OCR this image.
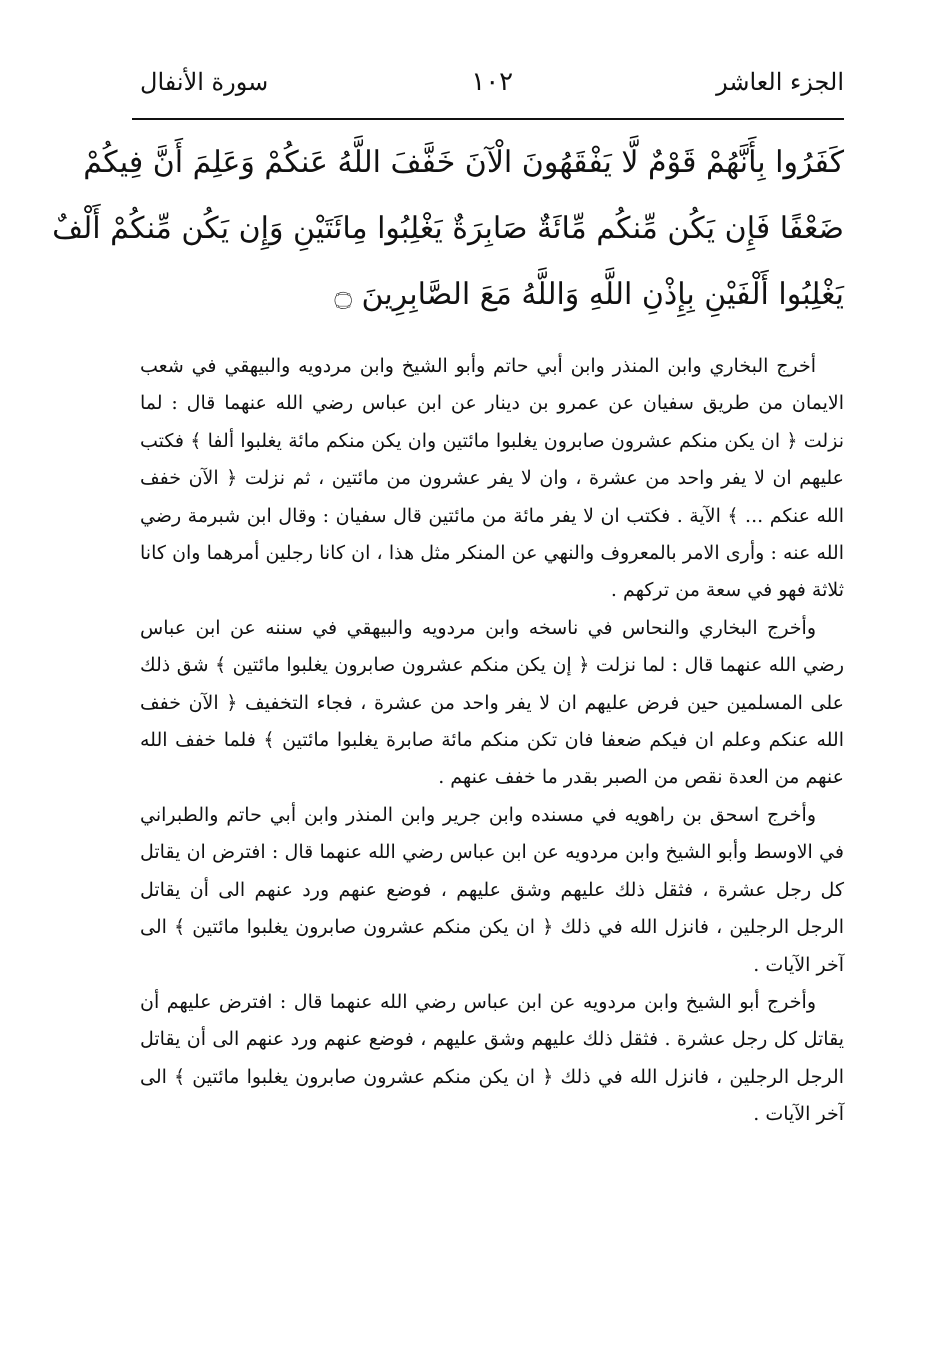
الجزء العاشر
١٠٢
سورة الأنفال
كَفَرُوا بِأَنَّهُمْ قَوْمٌ لَّا يَفْقَهُونَ الْآنَ خَفَّفَ اللَّهُ عَنكُمْ وَعَلِمَ أَنَّ فِيكُمْ
ضَعْفًا فَإِن يَكُن مِّنكُم مِّائَةٌ صَابِرَةٌ يَغْلِبُوا مِائَتَيْنِ وَإِن يَكُن مِّنكُمْ أَلْفٌ
يَغْلِبُوا أَلْفَيْنِ بِإِذْنِ اللَّهِ وَاللَّهُ مَعَ الصَّابِرِينَ ۝

أخرج البخاري وابن المنذر وابن أبي حاتم وأبو الشيخ وابن مردويه والبيهقي في شعب الايمان من طريق سفيان عن عمرو بن دينار عن ابن عباس رضي الله عنهما قال : لما نزلت ﴿ ان يكن منكم عشرون صابرون يغلبوا مائتين وان يكن منكم مائة يغلبوا ألفا ﴾ فكتب عليهم ان لا يفر واحد من عشرة ، وان لا يفر عشرون من مائتين ، ثم نزلت ﴿ الآن خفف الله عنكم ... ﴾ الآية . فكتب ان لا يفر مائة من مائتين قال سفيان : وقال ابن شبرمة رضي الله عنه : وأرى الامر بالمعروف والنهي عن المنكر مثل هذا ، ان كانا رجلين أمرهما وان كانا ثلاثة فهو في سعة من تركهم .

وأخرج البخاري والنحاس في ناسخه وابن مردويه والبيهقي في سننه عن ابن عباس رضي الله عنهما قال : لما نزلت ﴿ إن يكن منكم عشرون صابرون يغلبوا مائتين ﴾ شق ذلك على المسلمين حين فرض عليهم ان لا يفر واحد من عشرة ، فجاء التخفيف ﴿ الآن خفف الله عنكم وعلم ان فيكم ضعفا فان تكن منكم مائة صابرة يغلبوا مائتين ﴾ فلما خفف الله عنهم من العدة نقص من الصبر بقدر ما خفف عنهم .

وأخرج اسحق بن راهويه في مسنده وابن جرير وابن المنذر وابن أبي حاتم والطبراني في الاوسط وأبو الشيخ وابن مردويه عن ابن عباس رضي الله عنهما قال : افترض ان يقاتل كل رجل عشرة ، فثقل ذلك عليهم وشق عليهم ، فوضع عنهم ورد عنهم الى أن يقاتل الرجل الرجلين ، فانزل الله في ذلك ﴿ ان يكن منكم عشرون صابرون يغلبوا مائتين ﴾ الى آخر الآيات .

وأخرج أبو الشيخ وابن مردويه عن ابن عباس رضي الله عنهما قال : افترض عليهم أن يقاتل كل رجل عشرة . فثقل ذلك عليهم وشق عليهم ، فوضع عنهم ورد عنهم الى أن يقاتل الرجل الرجلين ، فانزل الله في ذلك ﴿ ان يكن منكم عشرون صابرون يغلبوا مائتين ﴾ الى آخر الآيات .
